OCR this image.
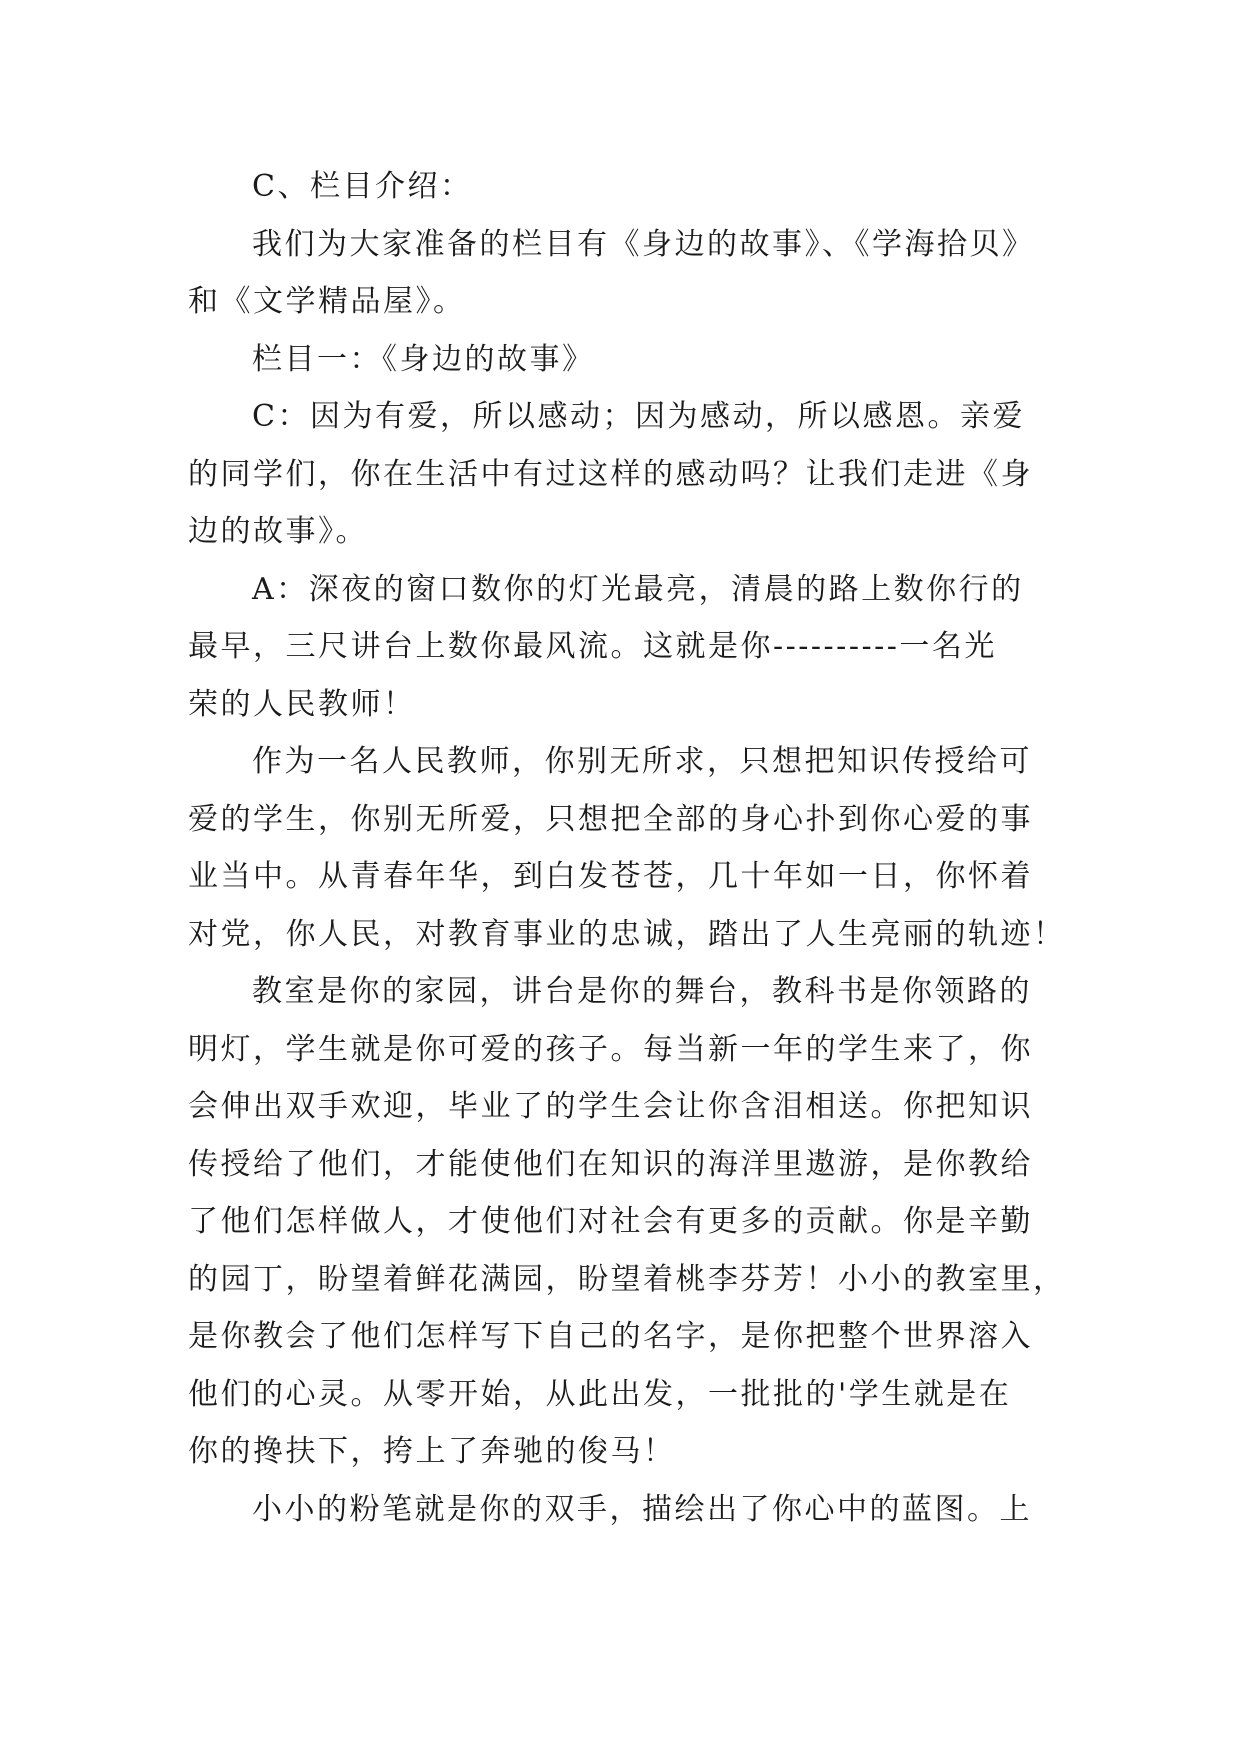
C、栏目介绍：
我们为大家准备的栏目有《身边的故事》、《学海拾贝》
和《文学精品屋》。
栏目一：《身边的故事》
C：因为有爱，所以感动；因为感动，所以感恩。亲爱
的同学们，你在生活中有过这样的感动吗？让我们走进《身
边的故事》。
A：深夜的窗口数你的灯光最亮，清晨的路上数你行的
最早，三尺讲台上数你最风流。这就是你----------一名光
荣的人民教师！
作为一名人民教师，你别无所求，只想把知识传授给可
爱的学生，你别无所爱，只想把全部的身心扑到你心爱的事
业当中。从青春年华，到白发苍苍，几十年如一日，你怀着
对党，你人民，对教育事业的忠诚，踏出了人生亮丽的轨迹！
教室是你的家园，讲台是你的舞台，教科书是你领路的
明灯，学生就是你可爱的孩子。每当新一年的学生来了，你
会伸出双手欢迎，毕业了的学生会让你含泪相送。你把知识
传授给了他们，才能使他们在知识的海洋里遨游，是你教给
了他们怎样做人，才使他们对社会有更多的贡献。你是辛勤
的园丁，盼望着鲜花满园，盼望着桃李芬芳！小小的教室里，
是你教会了他们怎样写下自己的名字，是你把整个世界溶入
他们的心灵。从零开始，从此出发，一批批的'学生就是在
你的搀扶下，挎上了奔驰的俊马！
小小的粉笔就是你的双手，描绘出了你心中的蓝图。上
